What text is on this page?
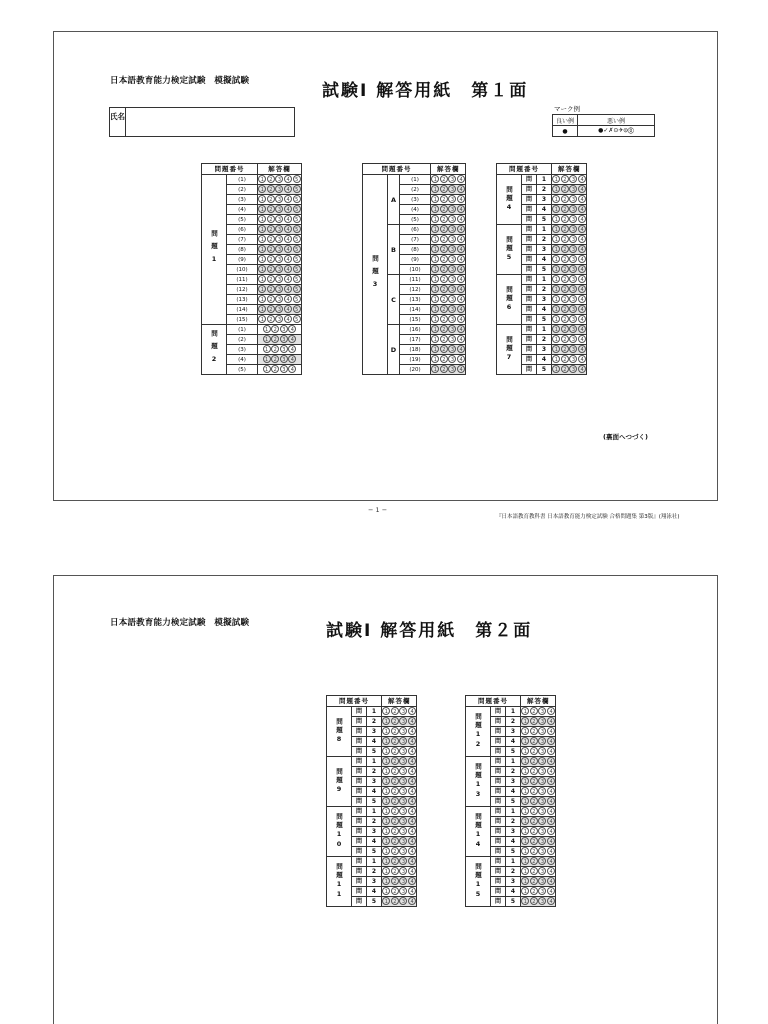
日本語教育能力検定試験　模擬試験	試験Ⅰ 解答用紙　第１面
氏名
マーク例
良い例	悪い例
●	●✓✗⊙✈⦶⓪
問題番号		解答欄
問題1	(1)	1 2 3 4 5
	(2)	1 2 3 4 5
	(3)	1 2 3 4 5
	(4)	1 2 3 4 5
	(5)	1 2 3 4 5
	(6)	1 2 3 4 5
	(7)	1 2 3 4 5
	(8)	1 2 3 4 5
	(9)	1 2 3 4 5
	(10)	1 2 3 4 5
	(11)	1 2 3 4 5
	(12)	1 2 3 4 5
	(13)	1 2 3 4 5
	(14)	1 2 3 4 5
	(15)	1 2 3 4 5
問題2	(1)	1 2 3 4
	(2)	1 2 3 4
	(3)	1 2 3 4
	(4)	1 2 3 4
	(5)	1 2 3 4
問題番号			解答欄
問題3	A	(1)	1 2 3 4
		(2)	1 2 3 4
		(3)	1 2 3 4
		(4)	1 2 3 4
		(5)	1 2 3 4
	B	(6)	1 2 3 4
		(7)	1 2 3 4
		(8)	1 2 3 4
		(9)	1 2 3 4
		(10)	1 2 3 4
	C	(11)	1 2 3 4
		(12)	1 2 3 4
		(13)	1 2 3 4
		(14)	1 2 3 4
		(15)	1 2 3 4
	D	(16)	1 2 3 4
		(17)	1 2 3 4
		(18)	1 2 3 4
		(19)	1 2 3 4
		(20)	1 2 3 4
問題番号			解答欄
問題4	問	1	1 2 3 4
	問	2	1 2 3 4
	問	3	1 2 3 4
	問	4	1 2 3 4
	問	5	1 2 3 4
問題5	問	1	1 2 3 4
	問	2	1 2 3 4
	問	3	1 2 3 4
	問	4	1 2 3 4
	問	5	1 2 3 4
問題6	問	1	1 2 3 4
	問	2	1 2 3 4
	問	3	1 2 3 4
	問	4	1 2 3 4
	問	5	1 2 3 4
問題7	問	1	1 2 3 4
	問	2	1 2 3 4
	問	3	1 2 3 4
	問	4	1 2 3 4
	問	5	1 2 3 4
(裏面へつづく)
− 1 −
『日本語教育教科書 日本語教育能力検定試験 合格問題集 第3版』(翔泳社)
日本語教育能力検定試験　模擬試験	試験Ⅰ 解答用紙　第２面
問題番号			解答欄
問題8	問	1	1 2 3 4
	問	2	1 2 3 4
	問	3	1 2 3 4
	問	4	1 2 3 4
	問	5	1 2 3 4
問題9	問	1	1 2 3 4
	問	2	1 2 3 4
	問	3	1 2 3 4
	問	4	1 2 3 4
	問	5	1 2 3 4
問題10	問	1	1 2 3 4
	問	2	1 2 3 4
	問	3	1 2 3 4
	問	4	1 2 3 4
	問	5	1 2 3 4
問題11	問	1	1 2 3 4
	問	2	1 2 3 4
	問	3	1 2 3 4
	問	4	1 2 3 4
	問	5	1 2 3 4
問題番号			解答欄
問題12	問	1	1 2 3 4
	問	2	1 2 3 4
	問	3	1 2 3 4
	問	4	1 2 3 4
	問	5	1 2 3 4
問題13	問	1	1 2 3 4
	問	2	1 2 3 4
	問	3	1 2 3 4
	問	4	1 2 3 4
	問	5	1 2 3 4
問題14	問	1	1 2 3 4
	問	2	1 2 3 4
	問	3	1 2 3 4
	問	4	1 2 3 4
	問	5	1 2 3 4
問題15	問	1	1 2 3 4
	問	2	1 2 3 4
	問	3	1 2 3 4
	問	4	1 2 3 4
	問	5	1 2 3 4
